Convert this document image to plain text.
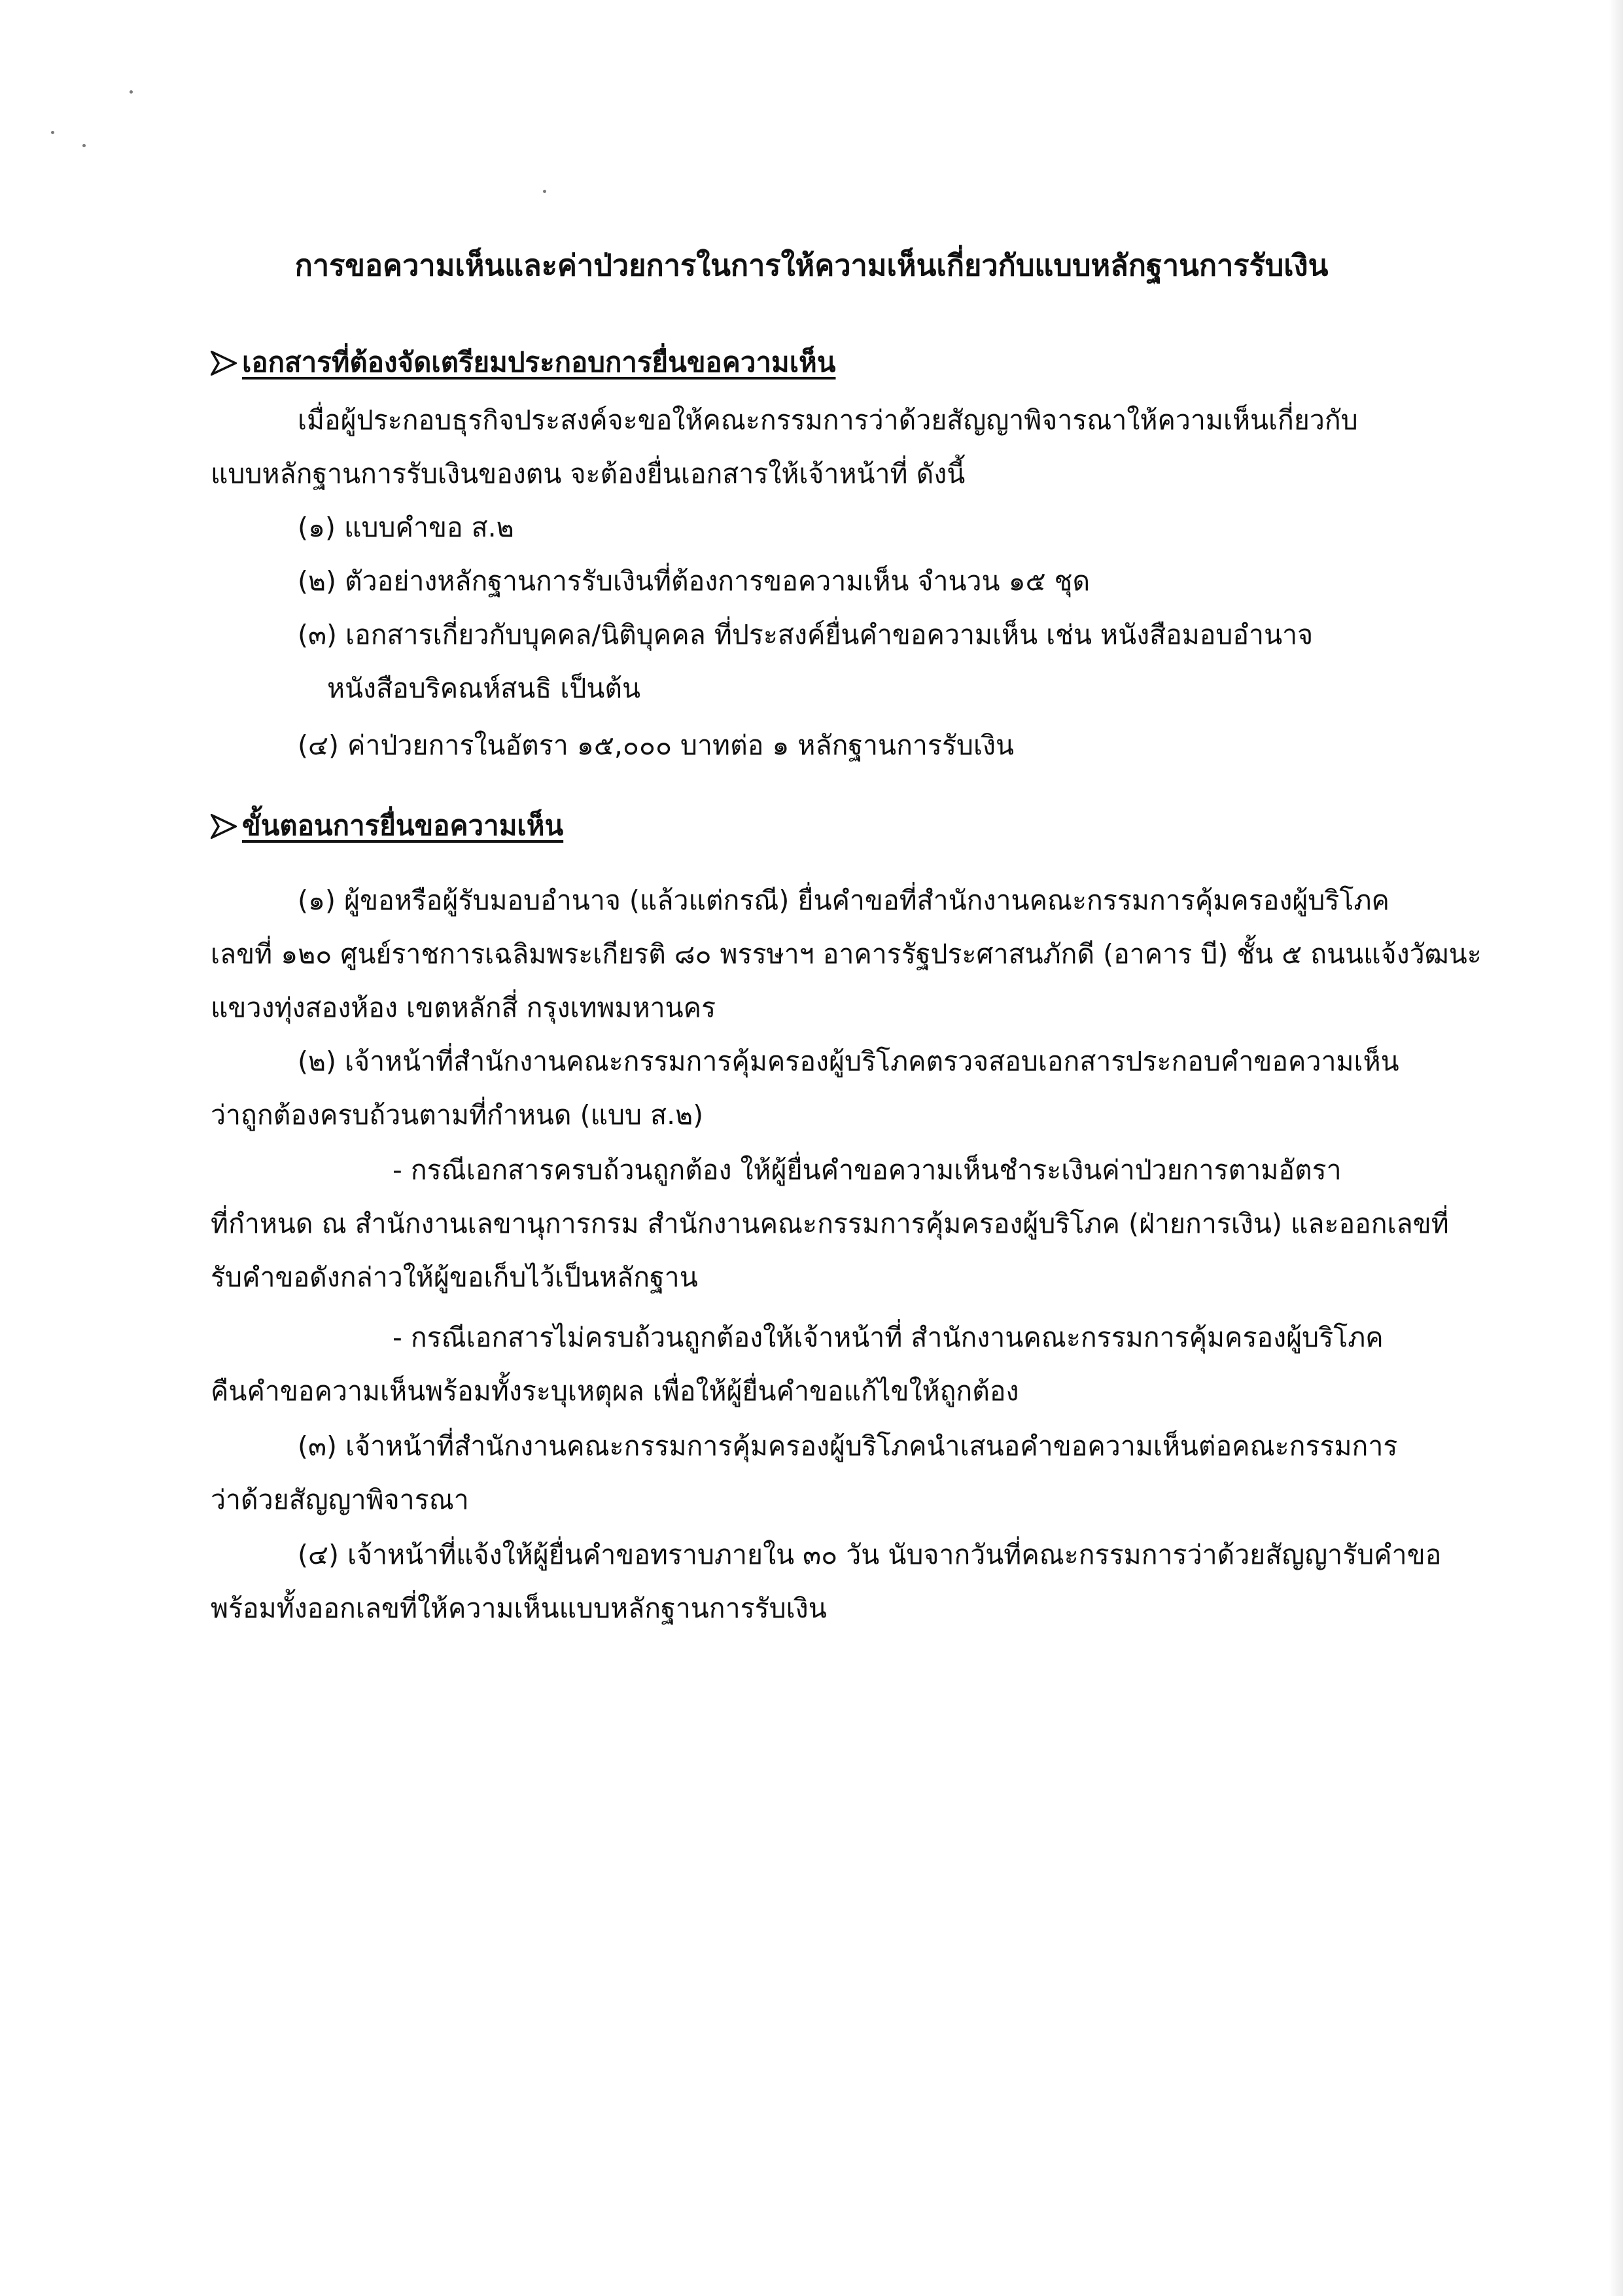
การขอความเห็นและค่าป่วยการในการให้ความเห็นเกี่ยวกับแบบหลักฐานการรับเงิน
เอกสารที่ต้องจัดเตรียมประกอบการยื่นขอความเห็น
เมื่อผู้ประกอบธุรกิจประสงค์จะขอให้คณะกรรมการว่าด้วยสัญญาพิจารณาให้ความเห็นเกี่ยวกับ
แบบหลักฐานการรับเงินของตน จะต้องยื่นเอกสารให้เจ้าหน้าที่ ดังนี้
(๑) แบบคำขอ ส.๒
(๒) ตัวอย่างหลักฐานการรับเงินที่ต้องการขอความเห็น จำนวน ๑๕ ชุด
(๓) เอกสารเกี่ยวกับบุคคล/นิติบุคคล ที่ประสงค์ยื่นคำขอความเห็น เช่น หนังสือมอบอำนาจ
หนังสือบริคณห์สนธิ เป็นต้น
(๔) ค่าป่วยการในอัตรา ๑๕,๐๐๐ บาทต่อ ๑ หลักฐานการรับเงิน
ขั้นตอนการยื่นขอความเห็น
(๑) ผู้ขอหรือผู้รับมอบอำนาจ (แล้วแต่กรณี) ยื่นคำขอที่สำนักงานคณะกรรมการคุ้มครองผู้บริโภค
เลขที่ ๑๒๐ ศูนย์ราชการเฉลิมพระเกียรติ ๘๐ พรรษาฯ อาคารรัฐประศาสนภักดี (อาคาร บี) ชั้น ๕ ถนนแจ้งวัฒนะ
แขวงทุ่งสองห้อง เขตหลักสี่ กรุงเทพมหานคร
(๒) เจ้าหน้าที่สำนักงานคณะกรรมการคุ้มครองผู้บริโภคตรวจสอบเอกสารประกอบคำขอความเห็น
ว่าถูกต้องครบถ้วนตามที่กำหนด (แบบ ส.๒)
- กรณีเอกสารครบถ้วนถูกต้อง ให้ผู้ยื่นคำขอความเห็นชำระเงินค่าป่วยการตามอัตรา
ที่กำหนด ณ สำนักงานเลขานุการกรม สำนักงานคณะกรรมการคุ้มครองผู้บริโภค (ฝ่ายการเงิน) และออกเลขที่
รับคำขอดังกล่าวให้ผู้ขอเก็บไว้เป็นหลักฐาน
- กรณีเอกสารไม่ครบถ้วนถูกต้องให้เจ้าหน้าที่ สำนักงานคณะกรรมการคุ้มครองผู้บริโภค
คืนคำขอความเห็นพร้อมทั้งระบุเหตุผล เพื่อให้ผู้ยื่นคำขอแก้ไขให้ถูกต้อง
(๓) เจ้าหน้าที่สำนักงานคณะกรรมการคุ้มครองผู้บริโภคนำเสนอคำขอความเห็นต่อคณะกรรมการ
ว่าด้วยสัญญาพิจารณา
(๔) เจ้าหน้าที่แจ้งให้ผู้ยื่นคำขอทราบภายใน ๓๐ วัน นับจากวันที่คณะกรรมการว่าด้วยสัญญารับคำขอ
พร้อมทั้งออกเลขที่ให้ความเห็นแบบหลักฐานการรับเงิน
